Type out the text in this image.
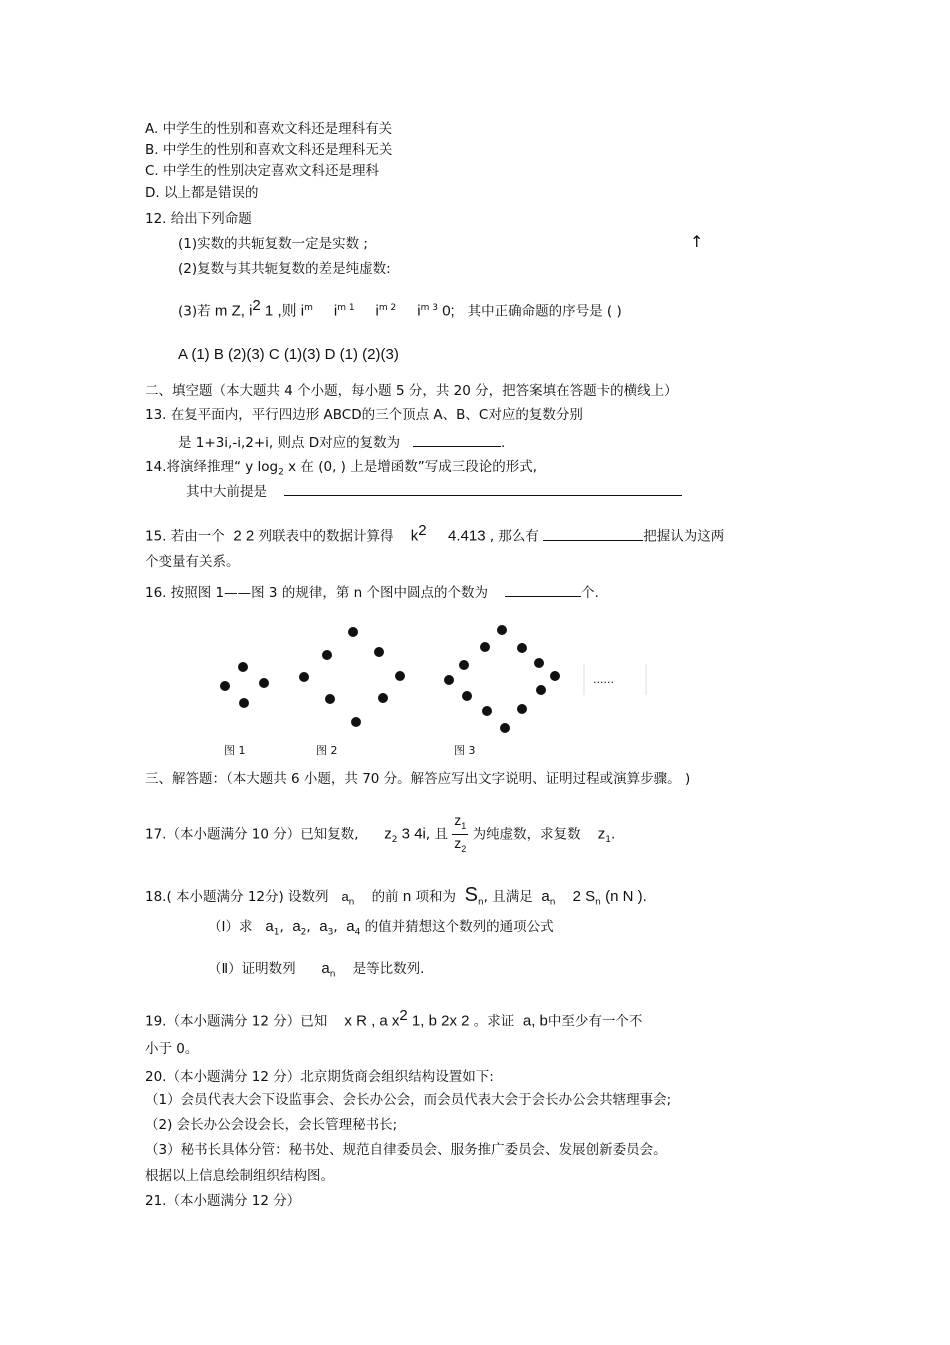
A. 中学生的性别和喜欢文科还是理科有关
B. 中学生的性别和喜欢文科还是理科无关
C. 中学生的性别决定喜欢文科还是理科
D. 以上都是错误的
12. 给出下列命题
(1)实数的共轭复数一定是实数 ;	↑
(2)复数与其共轭复数的差是纯虚数:
(3)若 m Z, $i^2$ 1 ,则 $i^m$     $i^{m 1}$     $i^{m 2}$     $i^{m 3}$ 0; 其中正确命题的序号是 ( )
A (1) B (2)(3) C (1)(3) D (1) (2)(3)
二、填空题（本大题共 4 个小题，每小题 5 分，共 20 分，把答案填在答题卡的横线上）
13. 在复平面内，平行四边形 ABCD的三个顶点 A、B、C对应的复数分别
是 1+3i,-i,2+i, 则点 D对应的复数为	.
14.将演绎推理“ y $\log_2 x$ 在 (0, ) 上是增函数”写成三段论的形式,
其中大前提是
15. 若由一个 2 2 列联表中的数据计算得 $k^2$ 4.413 , 那么有	把握认为这两
个变量有关系。
16. 按照图 1——图 3 的规律，第 n 个图中圆点的个数为	个.
......
图 1	图 2	图 3
三、解答题：（本大题共 6 小题，共 70 分。解答应写出文字说明、证明过程或演算步骤。 )
17.（本小题满分 10 分）已知复数, $z_2$ 3 4i, 且 $\frac{z_1}{z_2}$ 为纯虚数，求复数 $z_1$.
18.( 本小题满分 12分) 设数列 $a_n$ 的前 n 项和为 $S_n$, 且满足 $a_n$ 2 $S_n$ (n N ).
（Ⅰ）求 $a_1$,  $a_2$,  $a_3$,  $a_4$ 的值并猜想这个数列的通项公式
（Ⅱ）证明数列 $a_n$ 是等比数列.
19.（本小题满分 12 分）已知 x R , a $x^2$ 1, b 2x 2 。求证 a, b中至少有一个不
小于 0。
20.（本小题满分 12 分）北京期货商会组织结构设置如下:
（1）会员代表大会下设监事会、会长办公会，而会员代表大会于会长办公会共辖理事会;
（2) 会长办公会设会长，会长管理秘书长;
（3）秘书长具体分管：秘书处、规范自律委员会、服务推广委员会、发展创新委员会。
根据以上信息绘制组织结构图。
21.（本小题满分 12 分）
